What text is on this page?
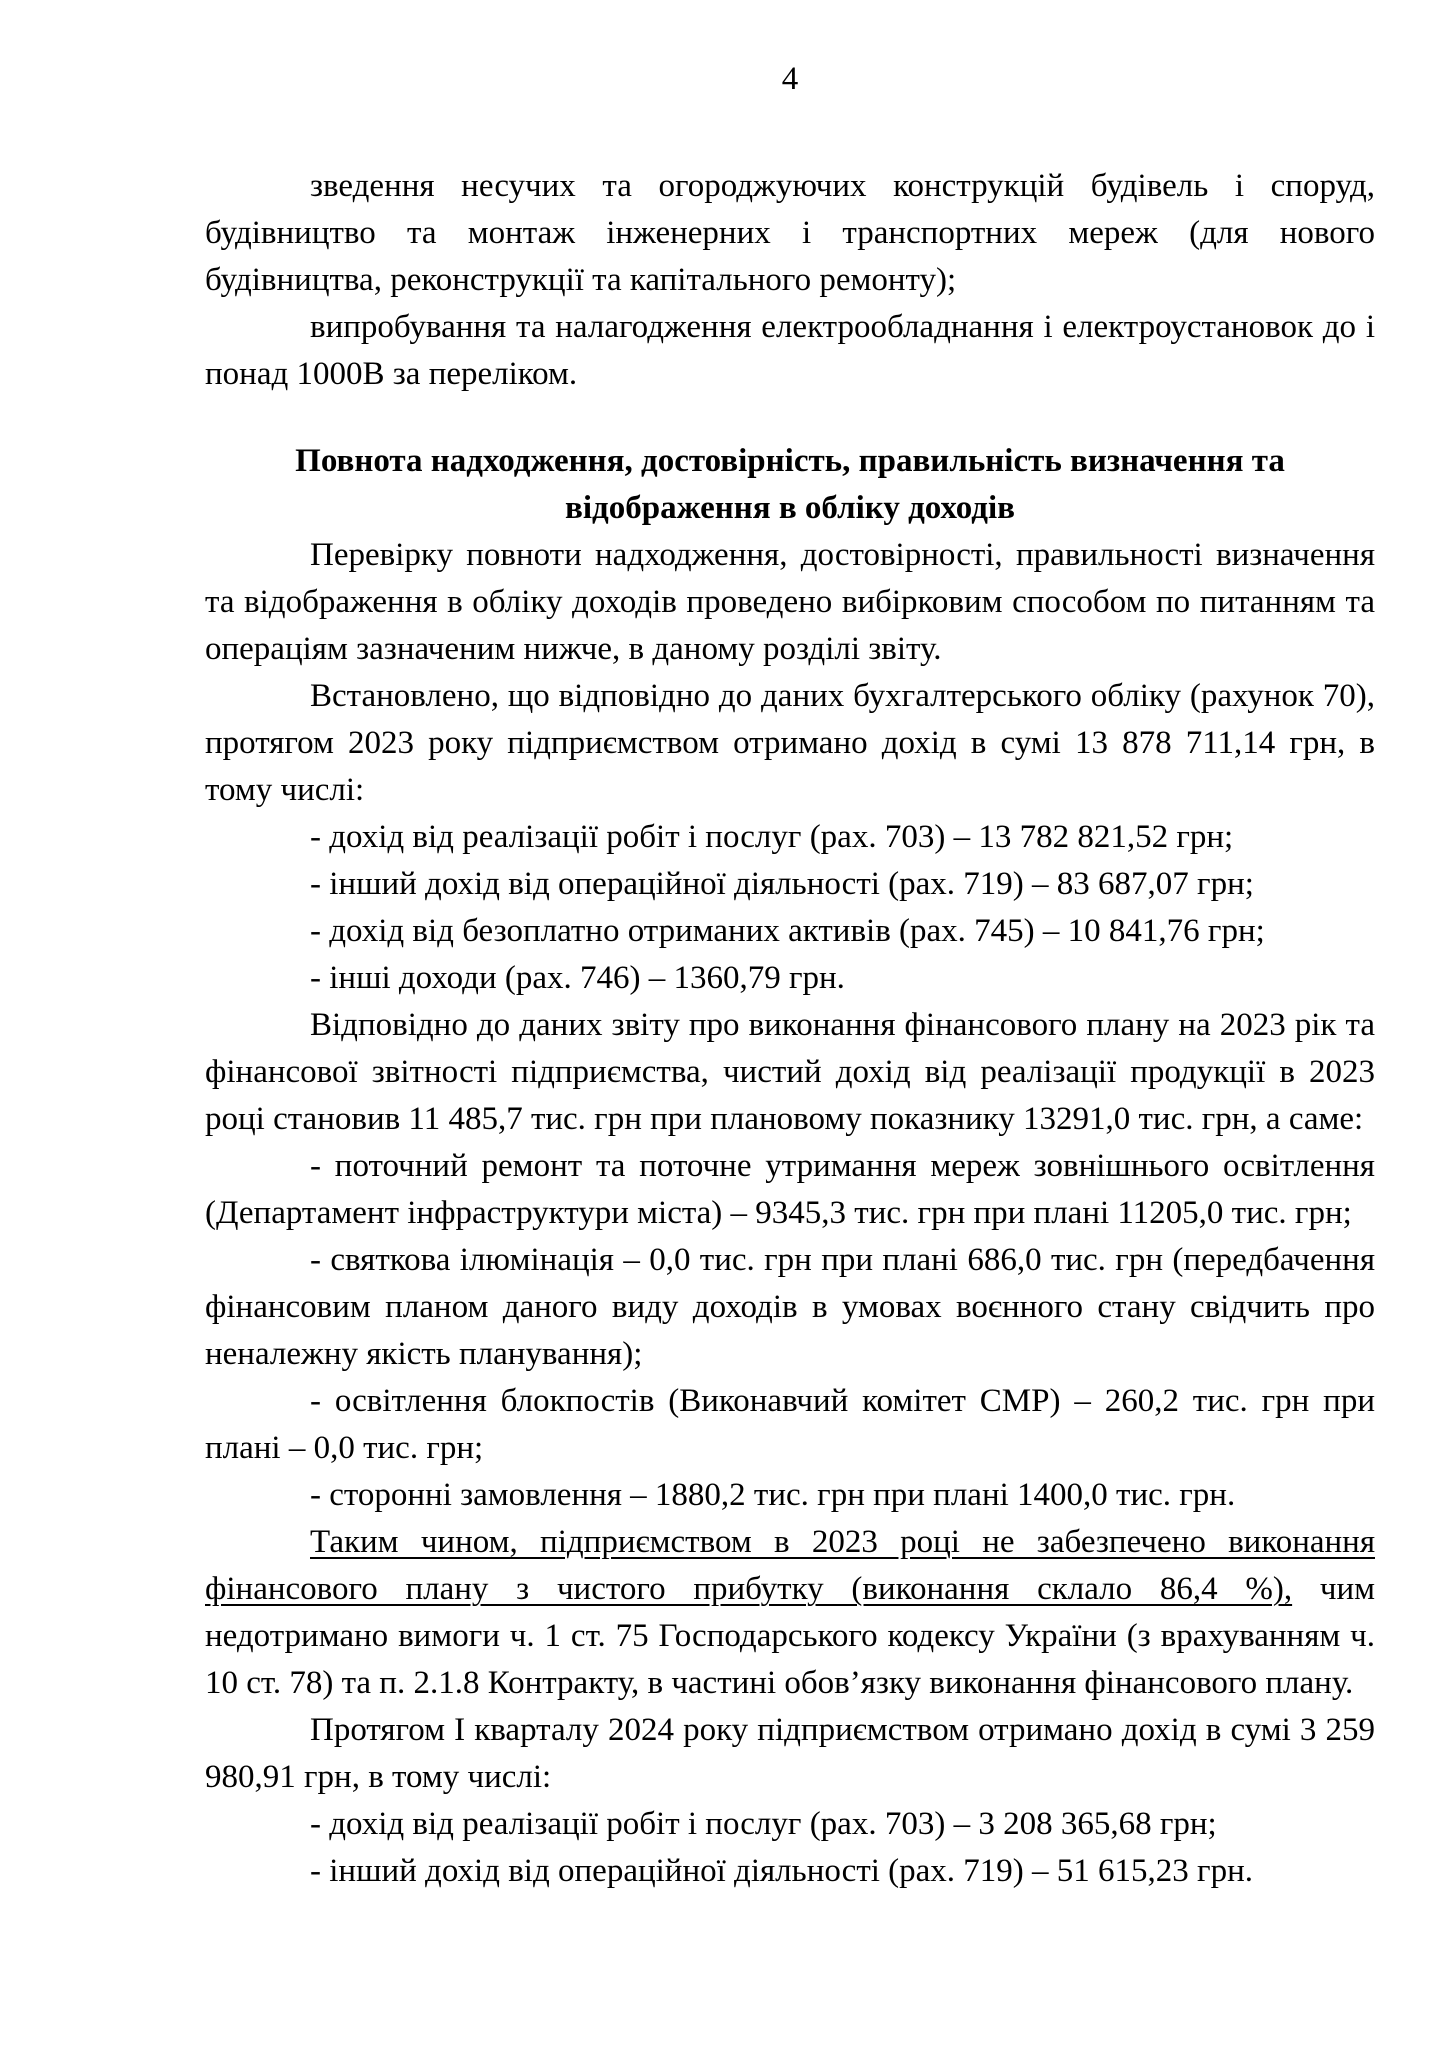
4

зведення несучих та огороджуючих конструкцій будівель і споруд, будівництво та монтаж інженерних і транспортних мереж (для нового будівництва, реконструкції та капітального ремонту);

випробування та налагодження електрообладнання і електроустановок до і понад 1000В за переліком.

Повнота надходження, достовірність, правильність визначення та відображення в обліку доходів

Перевірку повноти надходження, достовірності, правильності визначення та відображення в обліку доходів проведено вибірковим способом по питанням та операціям зазначеним нижче, в даному розділі звіту.

Встановлено, що відповідно до даних бухгалтерського обліку (рахунок 70), протягом 2023 року підприємством отримано дохід в сумі 13 878 711,14 грн, в тому числі:

- дохід від реалізації робіт і послуг (рах. 703) – 13 782 821,52 грн;

- інший дохід від операційної діяльності (рах. 719) – 83 687,07 грн;

- дохід від безоплатно отриманих активів (рах. 745) – 10 841,76 грн;

- інші доходи (рах. 746) – 1360,79 грн.

Відповідно до даних звіту про виконання фінансового плану на 2023 рік та фінансової звітності підприємства, чистий дохід від реалізації продукції в 2023 році становив 11 485,7 тис. грн при плановому показнику 13291,0 тис. грн, а саме:

- поточний ремонт та поточне утримання мереж зовнішнього освітлення (Департамент інфраструктури міста) – 9345,3 тис. грн при плані 11205,0 тис. грн;

- святкова ілюмінація – 0,0 тис. грн при плані 686,0 тис. грн (передбачення фінансовим планом даного виду доходів в умовах воєнного стану свідчить про неналежну якість планування);

- освітлення блокпостів (Виконавчий комітет СМР) – 260,2 тис. грн при плані – 0,0 тис. грн;

- сторонні замовлення – 1880,2 тис. грн при плані 1400,0 тис. грн.

Таким чином, підприємством в 2023 році не забезпечено виконання фінансового плану з чистого прибутку (виконання склало 86,4 %), чим недотримано вимоги ч. 1 ст. 75 Господарського кодексу України (з врахуванням ч. 10 ст. 78) та п. 2.1.8 Контракту, в частині обов’язку виконання фінансового плану.

Протягом І кварталу 2024 року підприємством отримано дохід в сумі 3 259 980,91 грн, в тому числі:

- дохід від реалізації робіт і послуг (рах. 703) – 3 208 365,68 грн;

- інший дохід від операційної діяльності (рах. 719) – 51 615,23 грн.
